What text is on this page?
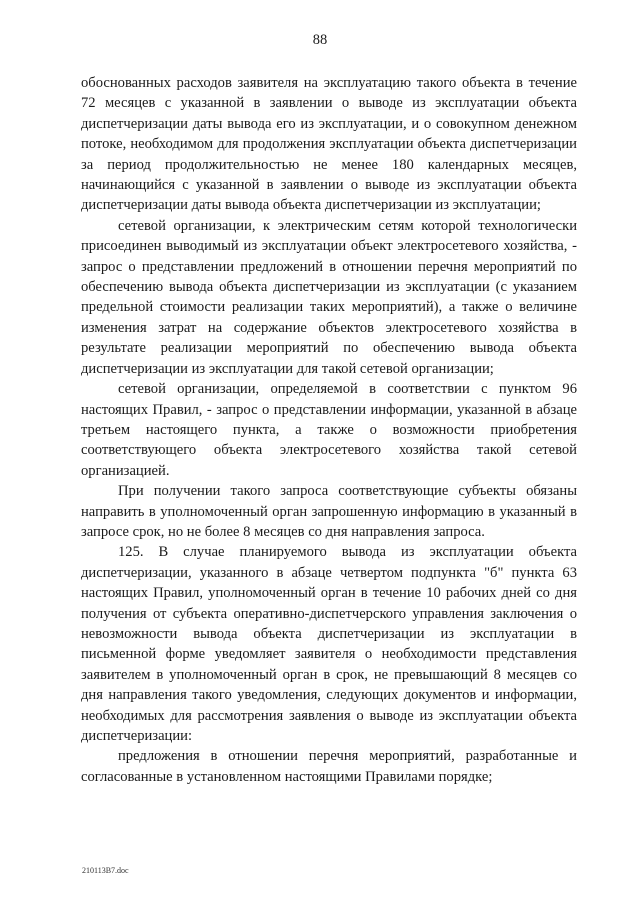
88

обоснованных расходов заявителя на эксплуатацию такого объекта в течение 72 месяцев с указанной в заявлении о выводе из эксплуатации объекта диспетчеризации даты вывода его из эксплуатации, и о совокупном денежном потоке, необходимом для продолжения эксплуатации объекта диспетчеризации за период продолжительностью не менее 180 календарных месяцев, начинающийся с указанной в заявлении о выводе из эксплуатации объекта диспетчеризации даты вывода объекта диспетчеризации из эксплуатации;

сетевой организации, к электрическим сетям которой технологически присоединен выводимый из эксплуатации объект электросетевого хозяйства, - запрос о представлении предложений в отношении перечня мероприятий по обеспечению вывода объекта диспетчеризации из эксплуатации (с указанием предельной стоимости реализации таких мероприятий), а также о величине изменения затрат на содержание объектов электросетевого хозяйства в результате реализации мероприятий по обеспечению вывода объекта диспетчеризации из эксплуатации для такой сетевой организации;

сетевой организации, определяемой в соответствии с пунктом 96 настоящих Правил, - запрос о представлении информации, указанной в абзаце третьем настоящего пункта, а также о возможности приобретения соответствующего объекта электросетевого хозяйства такой сетевой организацией.

При получении такого запроса соответствующие субъекты обязаны направить в уполномоченный орган запрошенную информацию в указанный в запросе срок, но не более 8 месяцев со дня направления запроса.

125. В случае планируемого вывода из эксплуатации объекта диспетчеризации, указанного в абзаце четвертом подпункта "б" пункта 63 настоящих Правил, уполномоченный орган в течение 10 рабочих дней со дня получения от субъекта оперативно-диспетчерского управления заключения о невозможности вывода объекта диспетчеризации из эксплуатации в письменной форме уведомляет заявителя о необходимости представления заявителем в уполномоченный орган в срок, не превышающий 8 месяцев со дня направления такого уведомления, следующих документов и информации, необходимых для рассмотрения заявления о выводе из эксплуатации объекта диспетчеризации:

предложения в отношении перечня мероприятий, разработанные и согласованные в установленном настоящими Правилами порядке;

210113B7.doc
